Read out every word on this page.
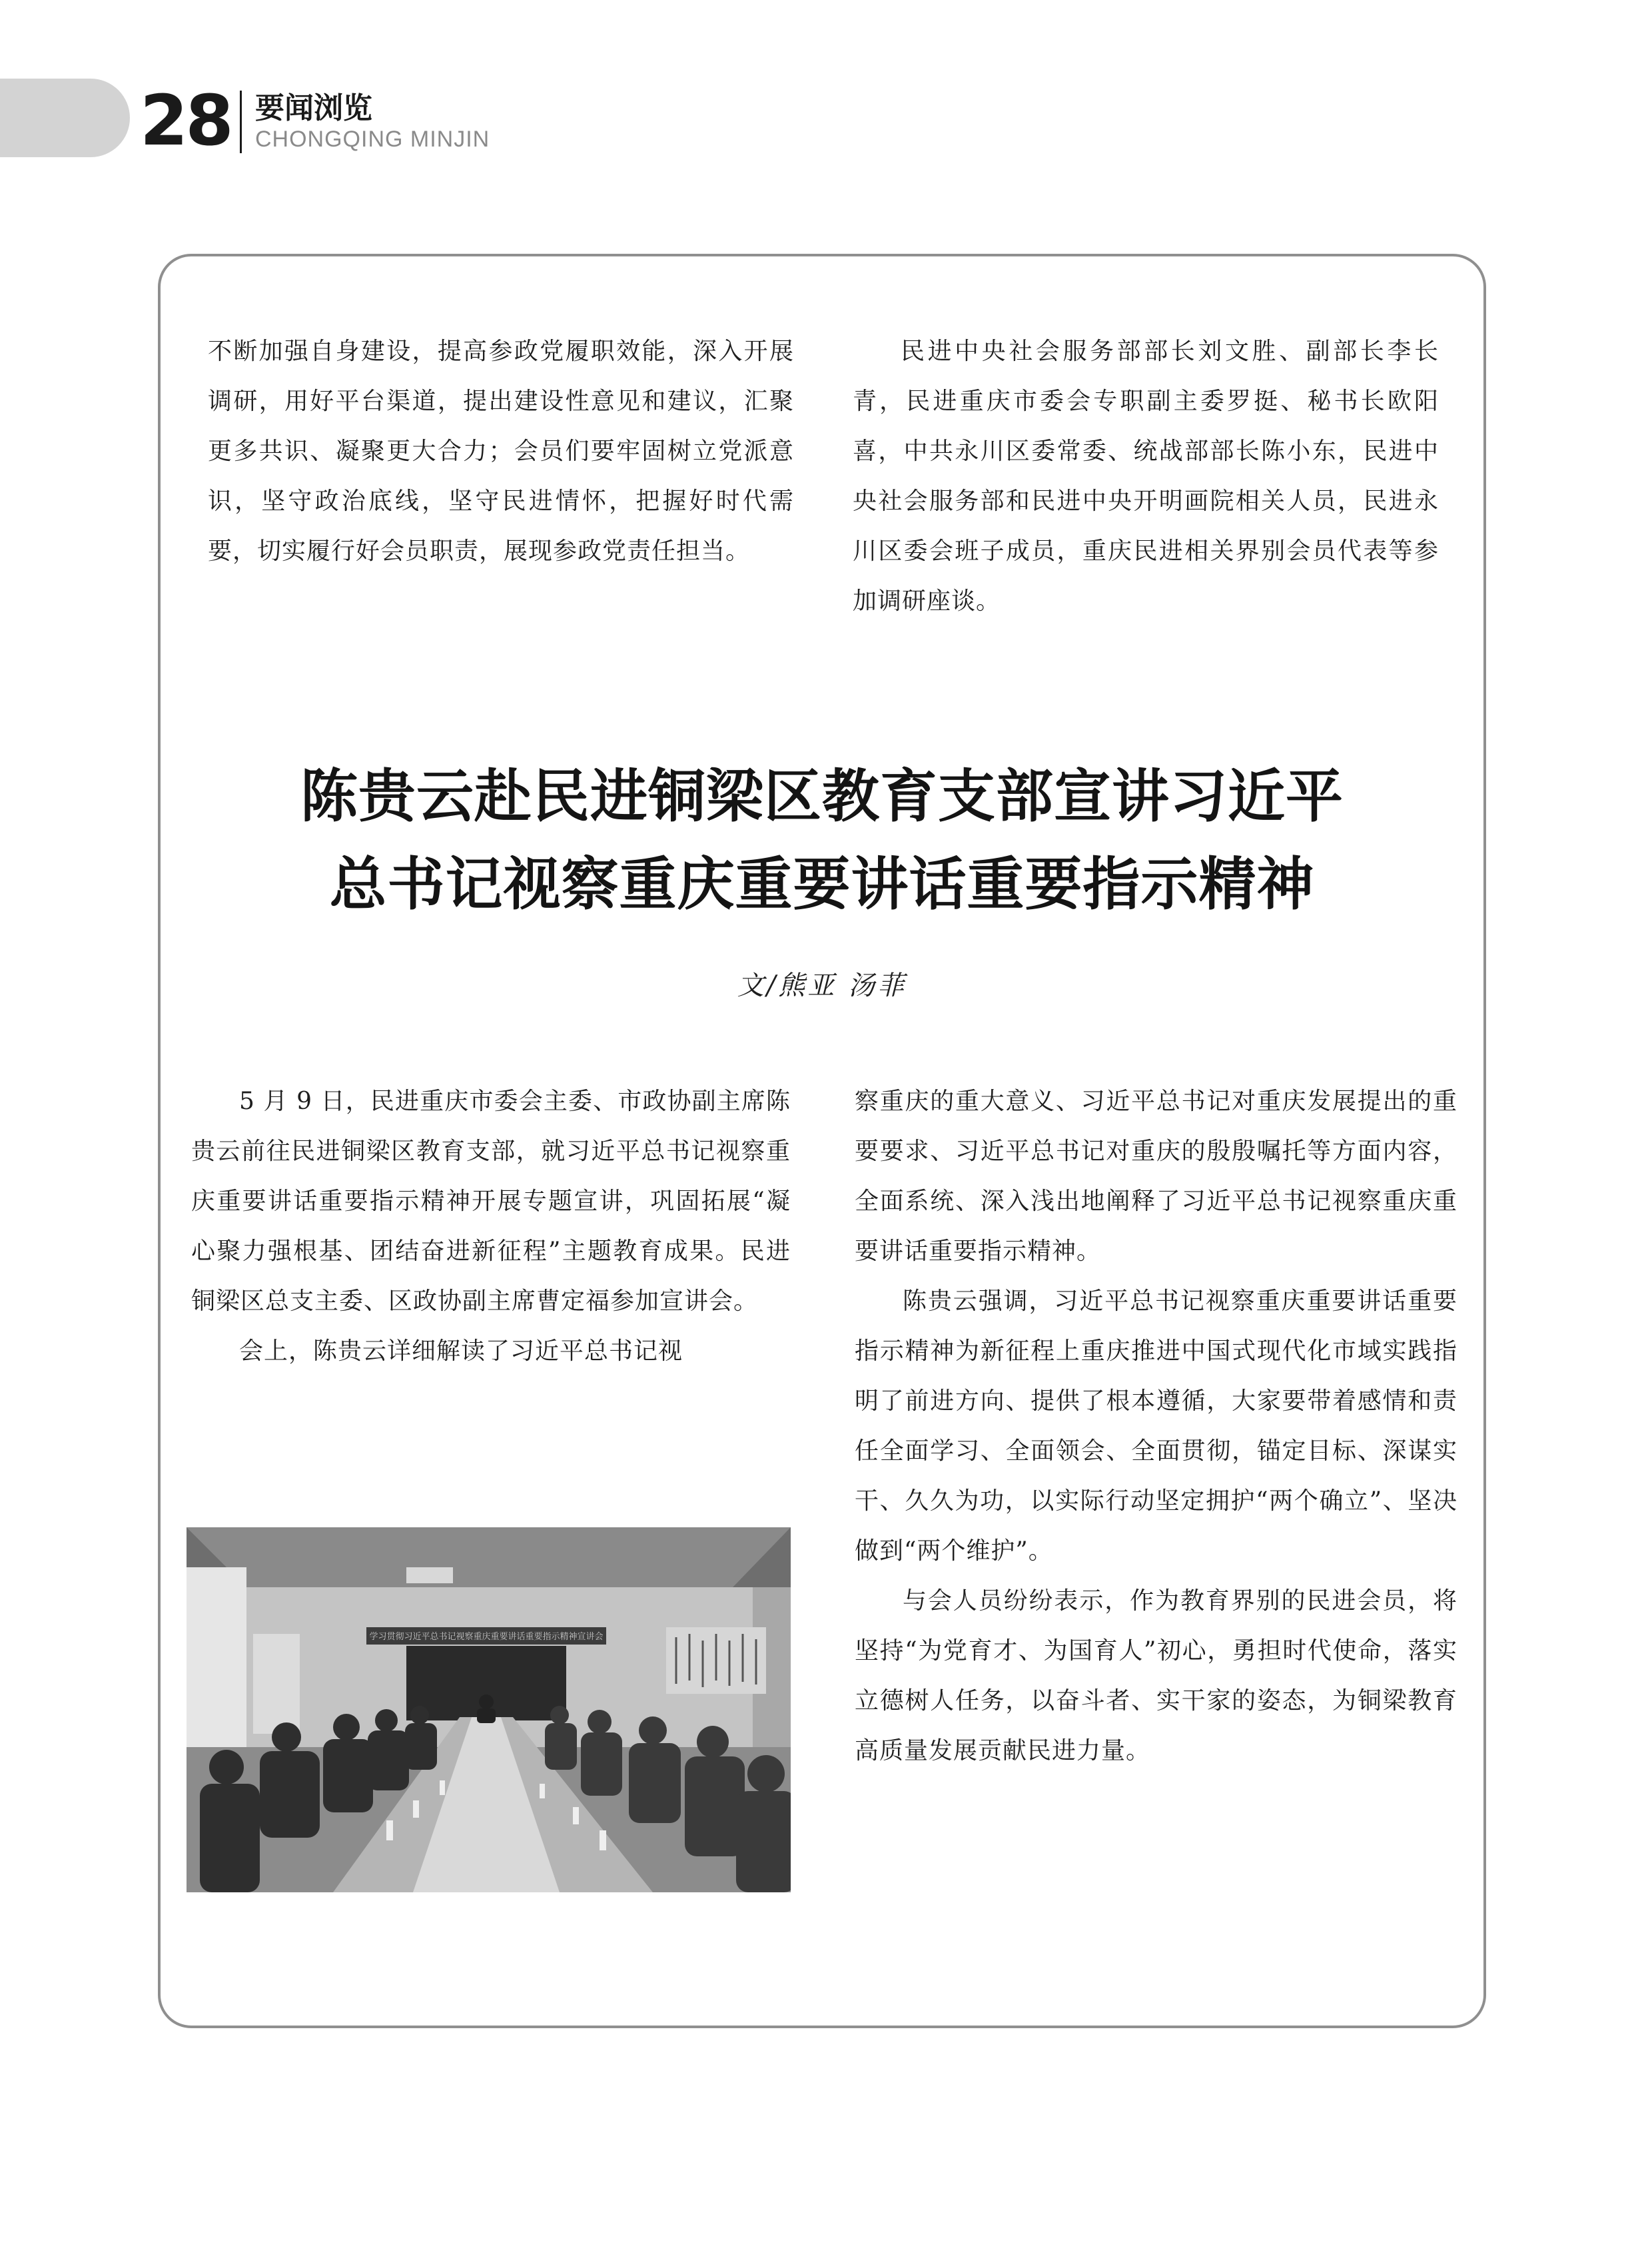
28 要闻浏览
CHONGQING MINJIN

不断加强自身建设，提高参政党履职效能，深入开展调研，用好平台渠道，提出建设性意见和建议，汇聚更多共识、凝聚更大合力；会员们要牢固树立党派意识，坚守政治底线，坚守民进情怀，把握好时代需要，切实履行好会员职责，展现参政党责任担当。

民进中央社会服务部部长刘文胜、副部长李长青，民进重庆市委会专职副主委罗挺、秘书长欧阳喜，中共永川区委常委、统战部部长陈小东，民进中央社会服务部和民进中央开明画院相关人员，民进永川区委会班子成员，重庆民进相关界别会员代表等参加调研座谈。

陈贵云赴民进铜梁区教育支部宣讲习近平
总书记视察重庆重要讲话重要指示精神
文/熊亚 汤菲

5 月 9 日，民进重庆市委会主委、市政协副主席陈贵云前往民进铜梁区教育支部，就习近平总书记视察重庆重要讲话重要指示精神开展专题宣讲，巩固拓展“凝心聚力强根基、团结奋进新征程”主题教育成果。民进铜梁区总支主委、区政协副主席曹定福参加宣讲会。

会上，陈贵云详细解读了习近平总书记视

察重庆的重大意义、习近平总书记对重庆发展提出的重要要求、习近平总书记对重庆的殷殷嘱托等方面内容，全面系统、深入浅出地阐释了习近平总书记视察重庆重要讲话重要指示精神。

陈贵云强调，习近平总书记视察重庆重要讲话重要指示精神为新征程上重庆推进中国式现代化市域实践指明了前进方向、提供了根本遵循，大家要带着感情和责任全面学习、全面领会、全面贯彻，锚定目标、深谋实干、久久为功，以实际行动坚定拥护“两个确立”、坚决做到“两个维护”。

与会人员纷纷表示，作为教育界别的民进会员，将坚持“为党育才、为国育人”初心，勇担时代使命，落实立德树人任务，以奋斗者、实干家的姿态，为铜梁教育高质量发展贡献民进力量。

学习贯彻习近平总书记视察重庆重要讲话重要指示精神宣讲会
